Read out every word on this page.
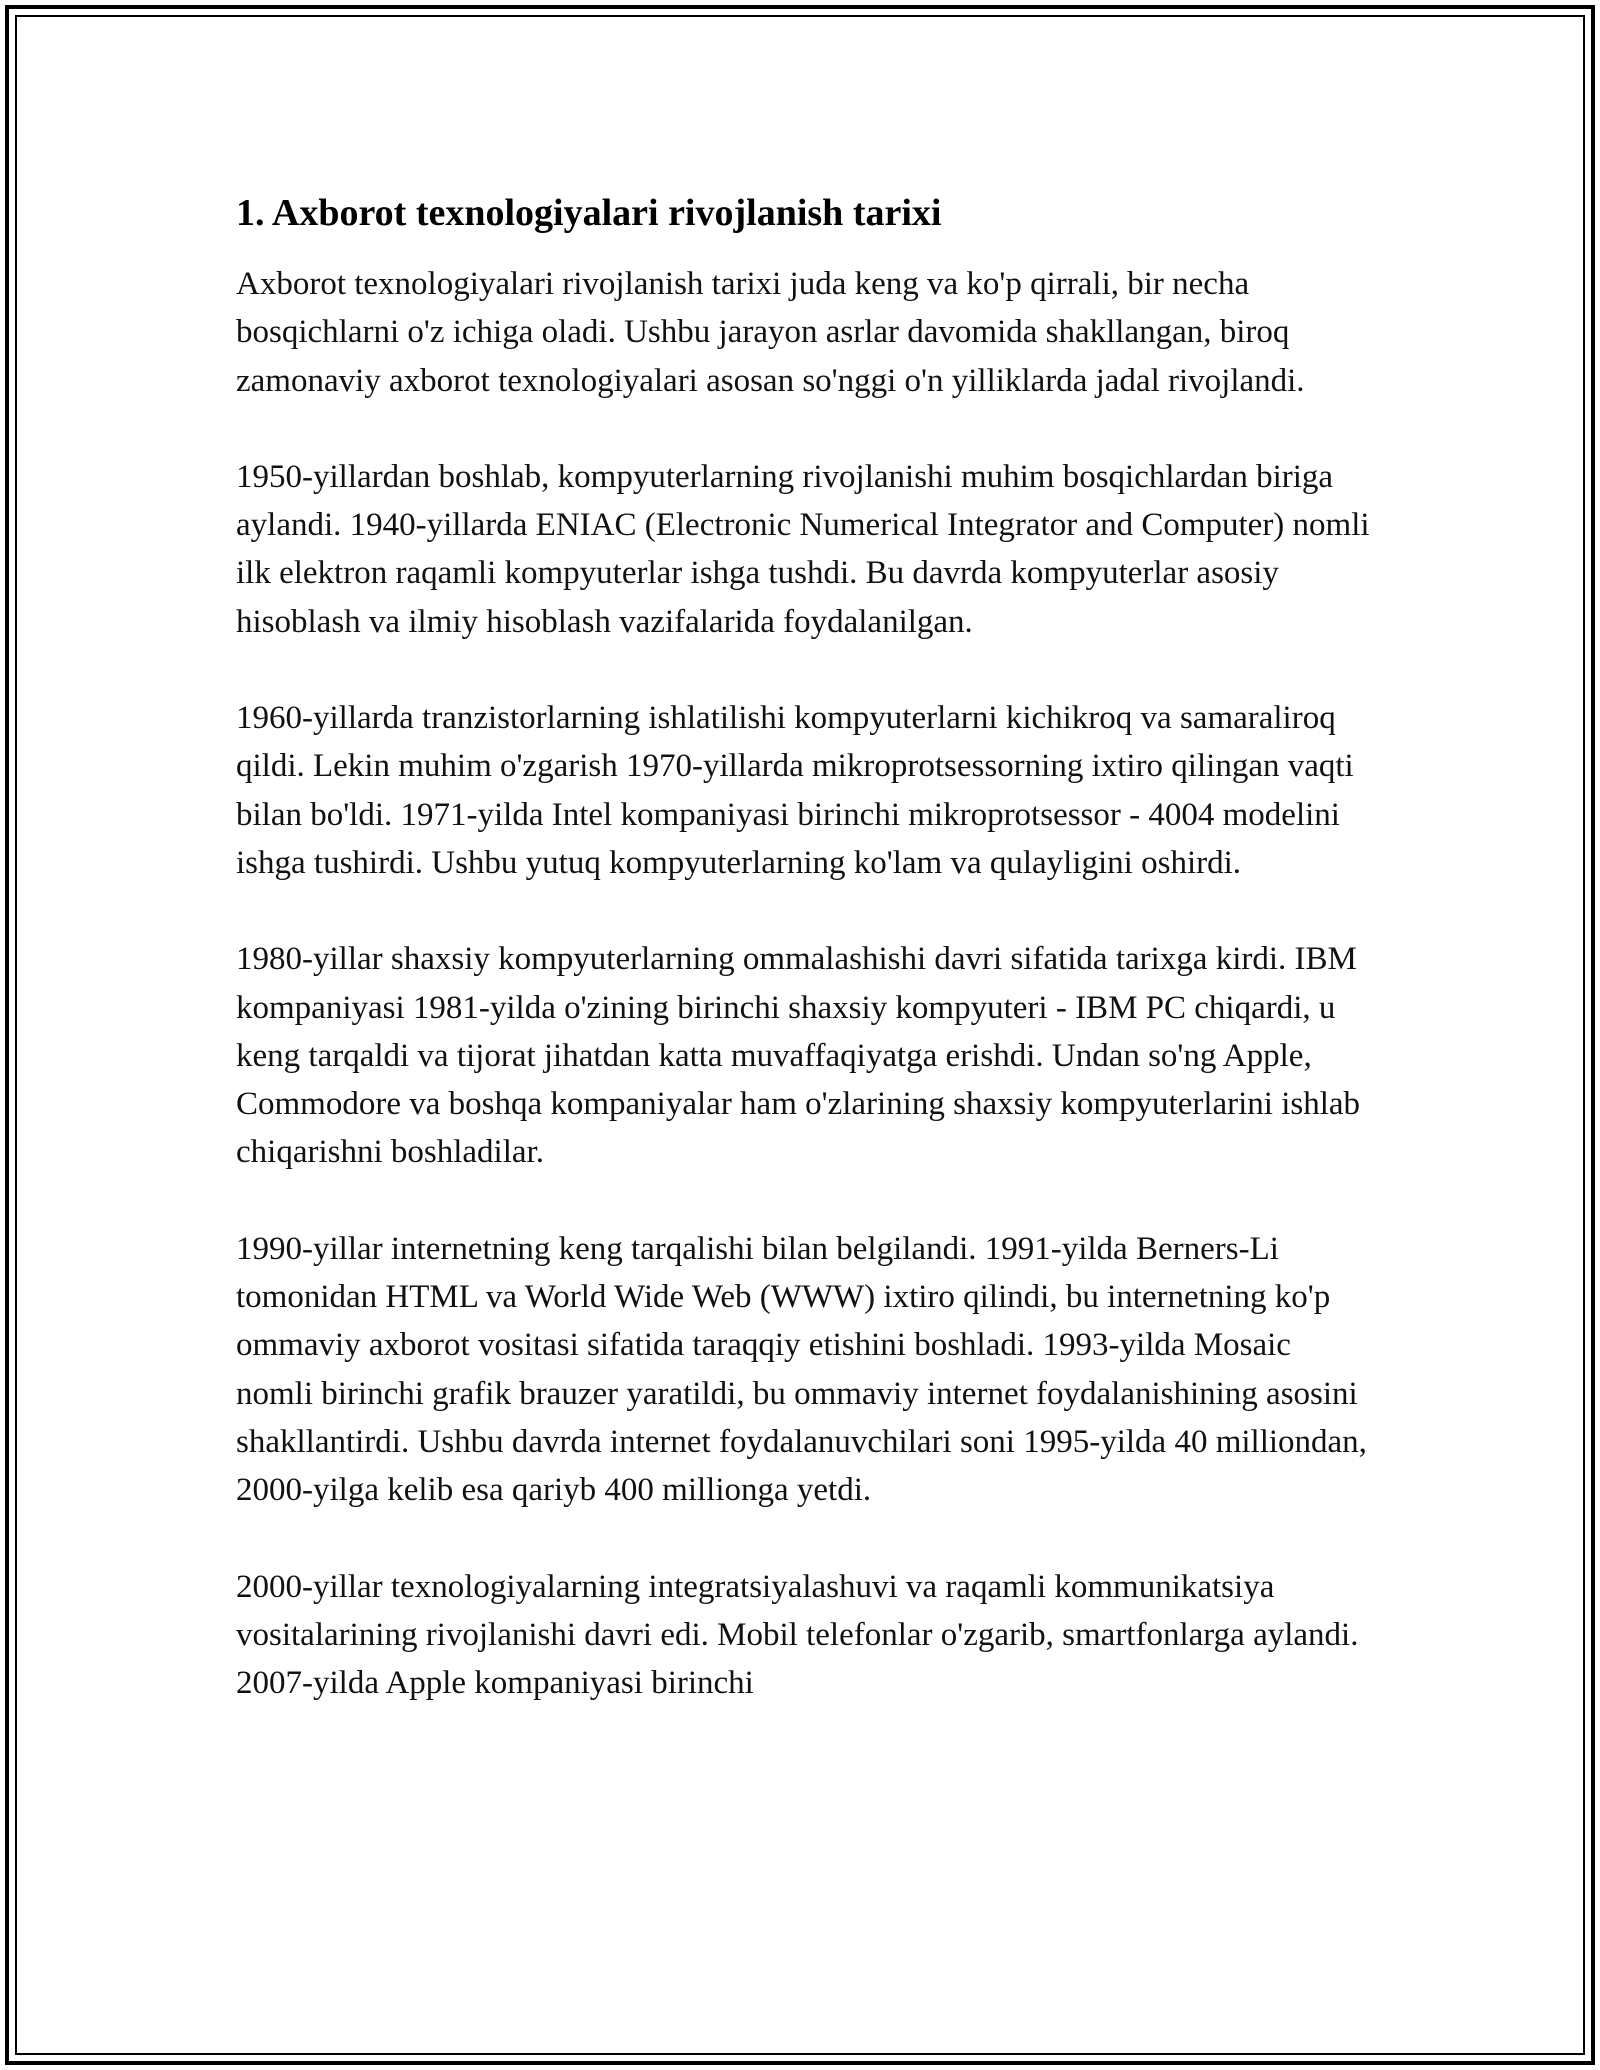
1. Axborot texnologiyalari rivojlanish tarixi

Axborot texnologiyalari rivojlanish tarixi juda keng va ko'p qirrali, bir necha bosqichlarni o'z ichiga oladi. Ushbu jarayon asrlar davomida shakllangan, biroq zamonaviy axborot texnologiyalari asosan so'nggi o'n yilliklarda jadal rivojlandi.

1950-yillardan boshlab, kompyuterlarning rivojlanishi muhim bosqichlardan biriga aylandi. 1940-yillarda ENIAC (Electronic Numerical Integrator and Computer) nomli ilk elektron raqamli kompyuterlar ishga tushdi. Bu davrda kompyuterlar asosiy hisoblash va ilmiy hisoblash vazifalarida foydalanilgan.

1960-yillarda tranzistorlarning ishlatilishi kompyuterlarni kichikroq va samaraliroq qildi. Lekin muhim o'zgarish 1970-yillarda mikroprotsessorning ixtiro qilingan vaqti bilan bo'ldi. 1971-yilda Intel kompaniyasi birinchi mikroprotsessor - 4004 modelini ishga tushirdi. Ushbu yutuq kompyuterlarning ko'lam va qulayligini oshirdi.

1980-yillar shaxsiy kompyuterlarning ommalashishi davri sifatida tarixga kirdi. IBM kompaniyasi 1981-yilda o'zining birinchi shaxsiy kompyuteri - IBM PC chiqardi, u keng tarqaldi va tijorat jihatdan katta muvaffaqiyatga erishdi. Undan so'ng Apple, Commodore va boshqa kompaniyalar ham o'zlarining shaxsiy kompyuterlarini ishlab chiqarishni boshladilar.

1990-yillar internetning keng tarqalishi bilan belgilandi. 1991-yilda Berners-Li tomonidan HTML va World Wide Web (WWW) ixtiro qilindi, bu internetning ko'p ommaviy axborot vositasi sifatida taraqqiy etishini boshladi. 1993-yilda Mosaic nomli birinchi grafik brauzer yaratildi, bu ommaviy internet foydalanishining asosini shakllantirdi. Ushbu davrda internet foydalanuvchilari soni 1995-yilda 40 milliondan, 2000-yilga kelib esa qariyb 400 millionga yetdi.

2000-yillar texnologiyalarning integratsiyalashuvi va raqamli kommunikatsiya vositalarining rivojlanishi davri edi. Mobil telefonlar o'zgarib, smartfonlarga aylandi. 2007-yilda Apple kompaniyasi birinchi
